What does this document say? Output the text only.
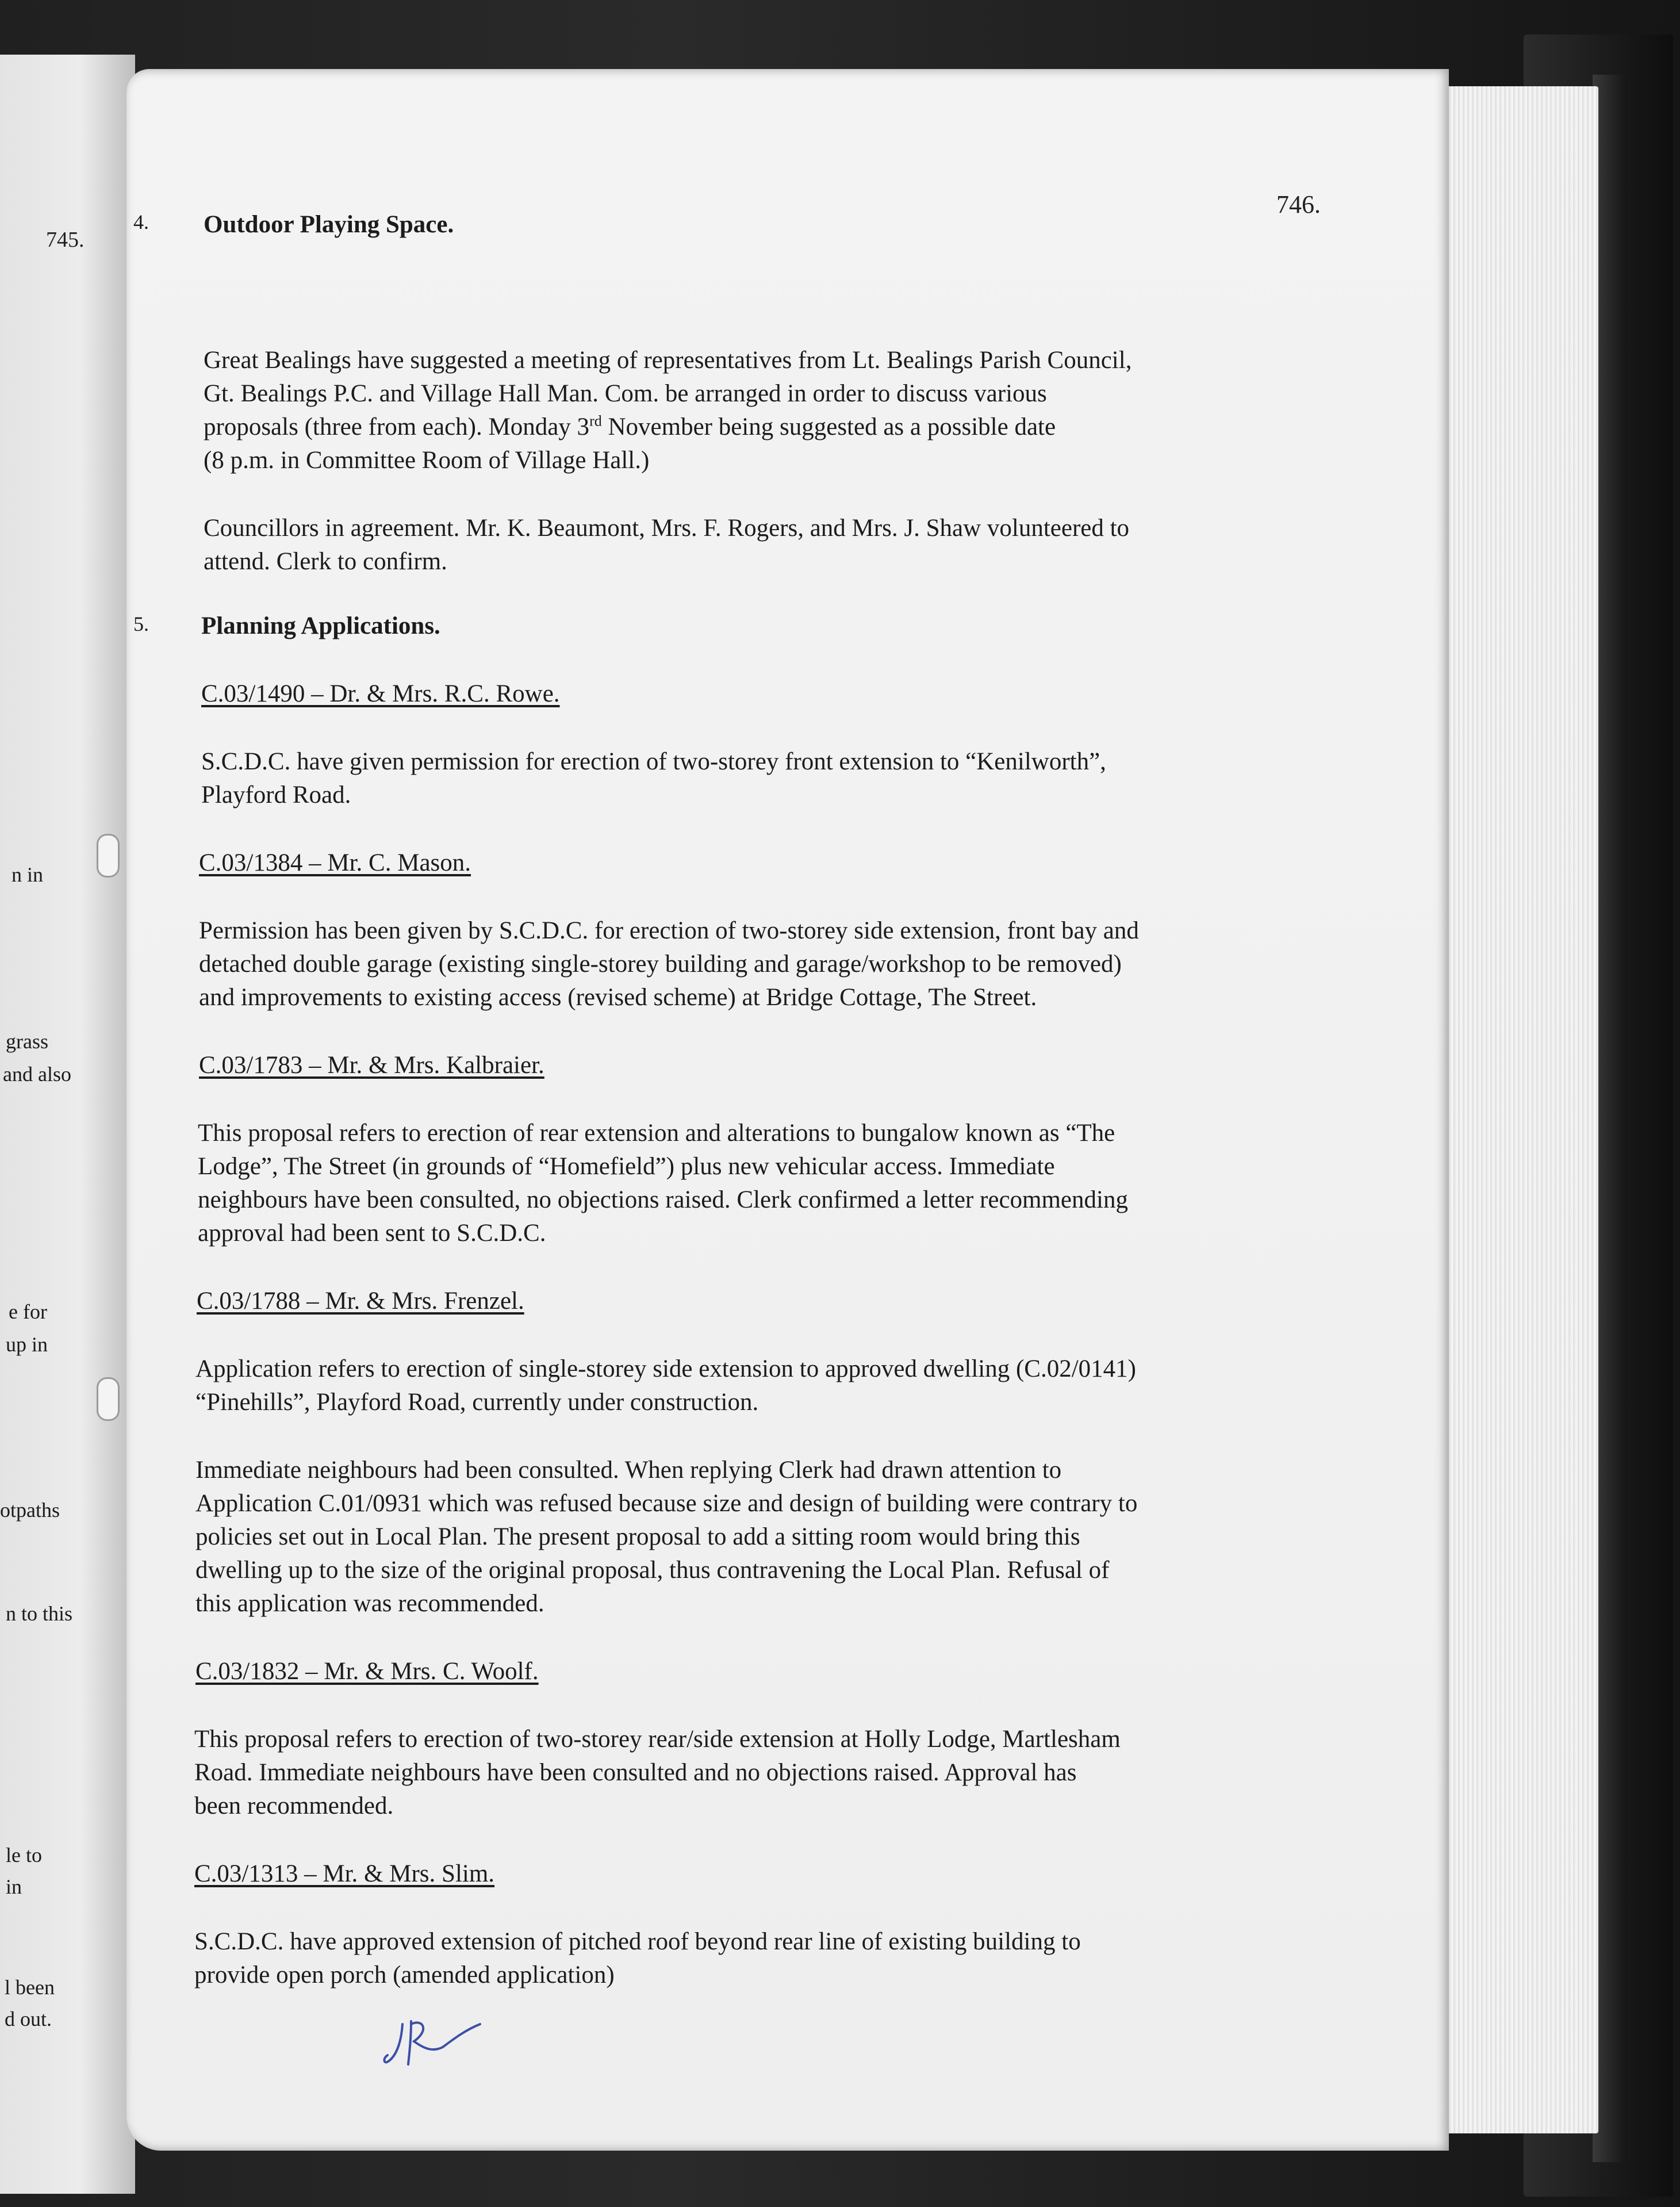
745.
n in
grass
and also
e for
up in
otpaths
n to this
le to
in
l been
d out.
746.
4. Outdoor Playing Space.
Great Bealings have suggested a meeting of representatives from Lt. Bealings Parish Council,
Gt. Bealings P.C. and Village Hall Man. Com. be arranged in order to discuss various
proposals (three from each). Monday 3rd November being suggested as a possible date
(8 p.m. in Committee Room of Village Hall.)
Councillors in agreement. Mr. K. Beaumont, Mrs. F. Rogers, and Mrs. J. Shaw volunteered to
attend. Clerk to confirm.
5. Planning Applications.
C.03/1490 – Dr. & Mrs. R.C. Rowe.
S.C.D.C. have given permission for erection of two-storey front extension to “Kenilworth”,
Playford Road.
C.03/1384 – Mr. C. Mason.
Permission has been given by S.C.D.C. for erection of two-storey side extension, front bay and
detached double garage (existing single-storey building and garage/workshop to be removed)
and improvements to existing access (revised scheme) at Bridge Cottage, The Street.
C.03/1783 – Mr. & Mrs. Kalbraier.
This proposal refers to erection of rear extension and alterations to bungalow known as “The
Lodge”, The Street (in grounds of “Homefield”) plus new vehicular access. Immediate
neighbours have been consulted, no objections raised. Clerk confirmed a letter recommending
approval had been sent to S.C.D.C.
C.03/1788 – Mr. & Mrs. Frenzel.
Application refers to erection of single-storey side extension to approved dwelling (C.02/0141)
“Pinehills”, Playford Road, currently under construction.
Immediate neighbours had been consulted. When replying Clerk had drawn attention to
Application C.01/0931 which was refused because size and design of building were contrary to
policies set out in Local Plan. The present proposal to add a sitting room would bring this
dwelling up to the size of the original proposal, thus contravening the Local Plan. Refusal of
this application was recommended.
C.03/1832 – Mr. & Mrs. C. Woolf.
This proposal refers to erection of two-storey rear/side extension at Holly Lodge, Martlesham
Road. Immediate neighbours have been consulted and no objections raised. Approval has
been recommended.
C.03/1313 – Mr. & Mrs. Slim.
S.C.D.C. have approved extension of pitched roof beyond rear line of existing building to
provide open porch (amended application)
